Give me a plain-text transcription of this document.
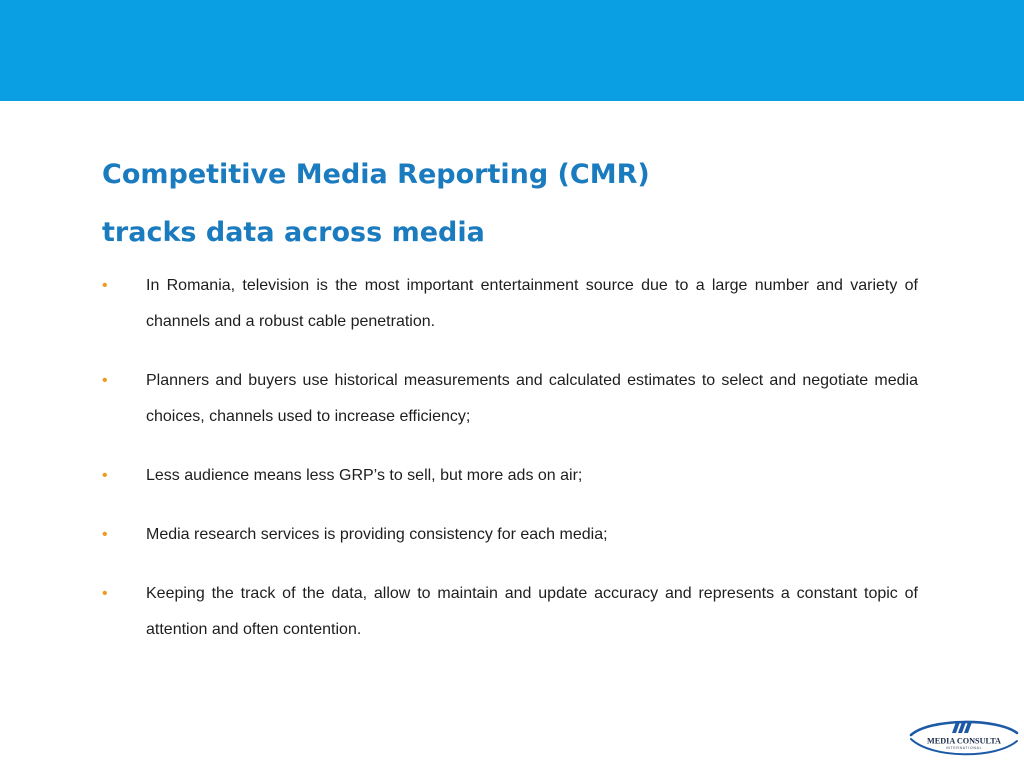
Competitive Media Reporting (CMR)
tracks data across media
• In Romania, television is the most important entertainment source due to a large number and variety of channels and a robust cable penetration.
• Planners and buyers use historical measurements and calculated estimates to select and negotiate media choices, channels used to increase efficiency;
• Less audience means less GRP’s to sell, but more ads on air;
• Media research services is providing consistency for each media;
• Keeping the track of the data, allow to maintain and update accuracy and represents a constant topic of attention and often contention.
MEDIA CONSULTA
INTERNATIONAL
